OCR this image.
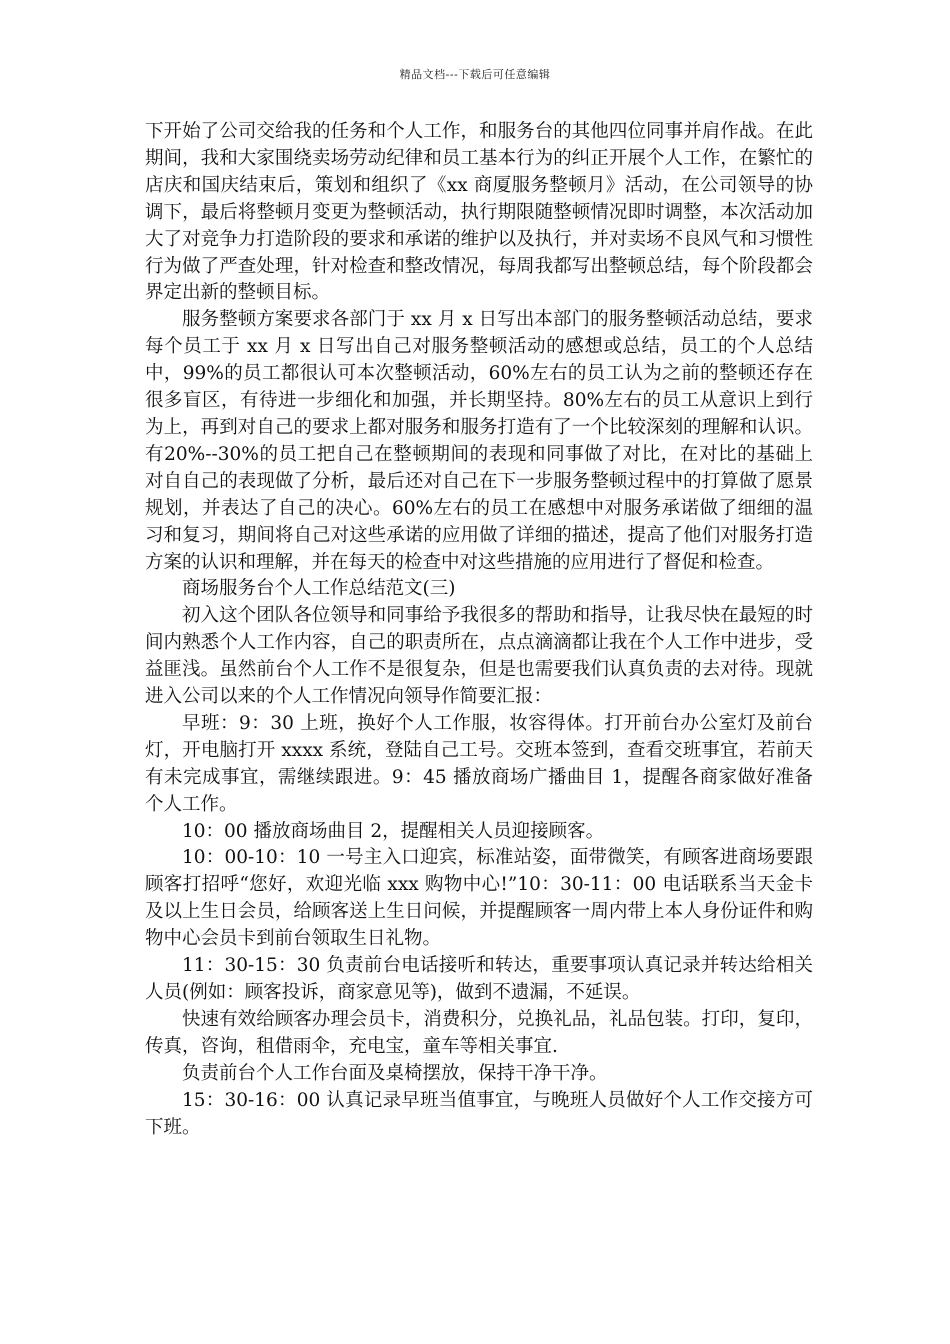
精品文档---下载后可任意编辑

下开始了公司交给我的任务和个人工作，和服务台的其他四位同事并肩作战。在此期间，我和大家围绕卖场劳动纪律和员工基本行为的纠正开展个人工作，在繁忙的店庆和国庆结束后，策划和组织了《xx 商厦服务整顿月》活动，在公司领导的协调下，最后将整顿月变更为整顿活动，执行期限随整顿情况即时调整，本次活动加大了对竞争力打造阶段的要求和承诺的维护以及执行，并对卖场不良风气和习惯性行为做了严查处理，针对检查和整改情况，每周我都写出整顿总结，每个阶段都会界定出新的整顿目标。

服务整顿方案要求各部门于 xx 月 x 日写出本部门的服务整顿活动总结，要求每个员工于 xx 月 x 日写出自己对服务整顿活动的感想或总结，员工的个人总结中，99%的员工都很认可本次整顿活动，60%左右的员工认为之前的整顿还存在很多盲区，有待进一步细化和加强，并长期坚持。80%左右的员工从意识上到行为上，再到对自己的要求上都对服务和服务打造有了一个比较深刻的理解和认识。有20%--30%的员工把自己在整顿期间的表现和同事做了对比，在对比的基础上对自自己的表现做了分析，最后还对自己在下一步服务整顿过程中的打算做了愿景规划，并表达了自己的决心。60%左右的员工在感想中对服务承诺做了细细的温习和复习，期间将自己对这些承诺的应用做了详细的描述，提高了他们对服务打造方案的认识和理解，并在每天的检查中对这些措施的应用进行了督促和检查。

商场服务台个人工作总结范文(三)

初入这个团队各位领导和同事给予我很多的帮助和指导，让我尽快在最短的时间内熟悉个人工作内容，自己的职责所在，点点滴滴都让我在个人工作中进步，受益匪浅。虽然前台个人工作不是很复杂，但是也需要我们认真负责的去对待。现就进入公司以来的个人工作情况向领导作简要汇报：

早班：9：30 上班，换好个人工作服，妆容得体。打开前台办公室灯及前台灯，开电脑打开 xxxx 系统，登陆自己工号。交班本签到，查看交班事宜，若前天有未完成事宜，需继续跟进。9：45 播放商场广播曲目 1，提醒各商家做好准备个人工作。

10：00 播放商场曲目 2，提醒相关人员迎接顾客。

10：00-10：10 一号主入口迎宾，标准站姿，面带微笑，有顾客进商场要跟顾客打招呼“您好，欢迎光临 xxx 购物中心!”10：30-11：00 电话联系当天金卡及以上生日会员，给顾客送上生日问候，并提醒顾客一周内带上本人身份证件和购物中心会员卡到前台领取生日礼物。

11：30-15：30 负责前台电话接听和转达，重要事项认真记录并转达给相关人员(例如：顾客投诉，商家意见等)，做到不遗漏，不延误。

快速有效给顾客办理会员卡，消费积分，兑换礼品，礼品包装。打印，复印，传真，咨询，租借雨伞，充电宝，童车等相关事宜.

负责前台个人工作台面及桌椅摆放，保持干净干净。

15：30-16：00 认真记录早班当值事宜，与晚班人员做好个人工作交接方可下班。
